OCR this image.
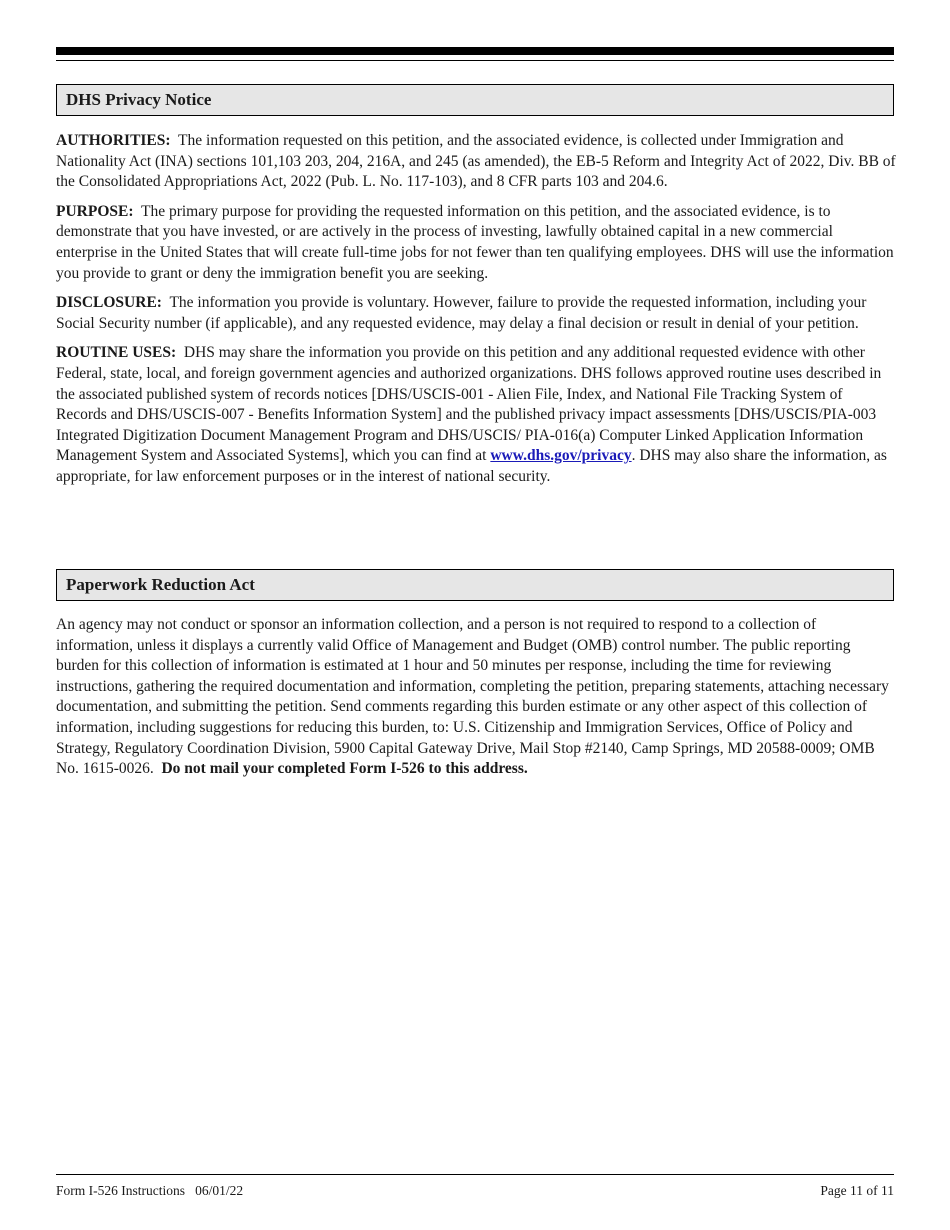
DHS Privacy Notice

AUTHORITIES: The information requested on this petition, and the associated evidence, is collected under Immigration and Nationality Act (INA) sections 101,103 203, 204, 216A, and 245 (as amended), the EB-5 Reform and Integrity Act of 2022, Div. BB of the Consolidated Appropriations Act, 2022 (Pub. L. No. 117-103), and 8 CFR parts 103 and 204.6.

PURPOSE: The primary purpose for providing the requested information on this petition, and the associated evidence, is to demonstrate that you have invested, or are actively in the process of investing, lawfully obtained capital in a new commercial enterprise in the United States that will create full-time jobs for not fewer than ten qualifying employees. DHS will use the information you provide to grant or deny the immigration benefit you are seeking.

DISCLOSURE: The information you provide is voluntary. However, failure to provide the requested information, including your Social Security number (if applicable), and any requested evidence, may delay a final decision or result in denial of your petition.

ROUTINE USES: DHS may share the information you provide on this petition and any additional requested evidence with other Federal, state, local, and foreign government agencies and authorized organizations. DHS follows approved routine uses described in the associated published system of records notices [DHS/USCIS-001 - Alien File, Index, and National File Tracking System of Records and DHS/USCIS-007 - Benefits Information System] and the published privacy impact assessments [DHS/USCIS/PIA-003 Integrated Digitization Document Management Program and DHS/USCIS/ PIA-016(a) Computer Linked Application Information Management System and Associated Systems], which you can find at www.dhs.gov/privacy. DHS may also share the information, as appropriate, for law enforcement purposes or in the interest of national security.

Paperwork Reduction Act

An agency may not conduct or sponsor an information collection, and a person is not required to respond to a collection of information, unless it displays a currently valid Office of Management and Budget (OMB) control number. The public reporting burden for this collection of information is estimated at 1 hour and 50 minutes per response, including the time for reviewing instructions, gathering the required documentation and information, completing the petition, preparing statements, attaching necessary documentation, and submitting the petition. Send comments regarding this burden estimate or any other aspect of this collection of information, including suggestions for reducing this burden, to: U.S. Citizenship and Immigration Services, Office of Policy and Strategy, Regulatory Coordination Division, 5900 Capital Gateway Drive, Mail Stop #2140, Camp Springs, MD 20588-0009; OMB No. 1615-0026. Do not mail your completed Form I-526 to this address.

Form I-526 Instructions 06/01/22	Page 11 of 11
